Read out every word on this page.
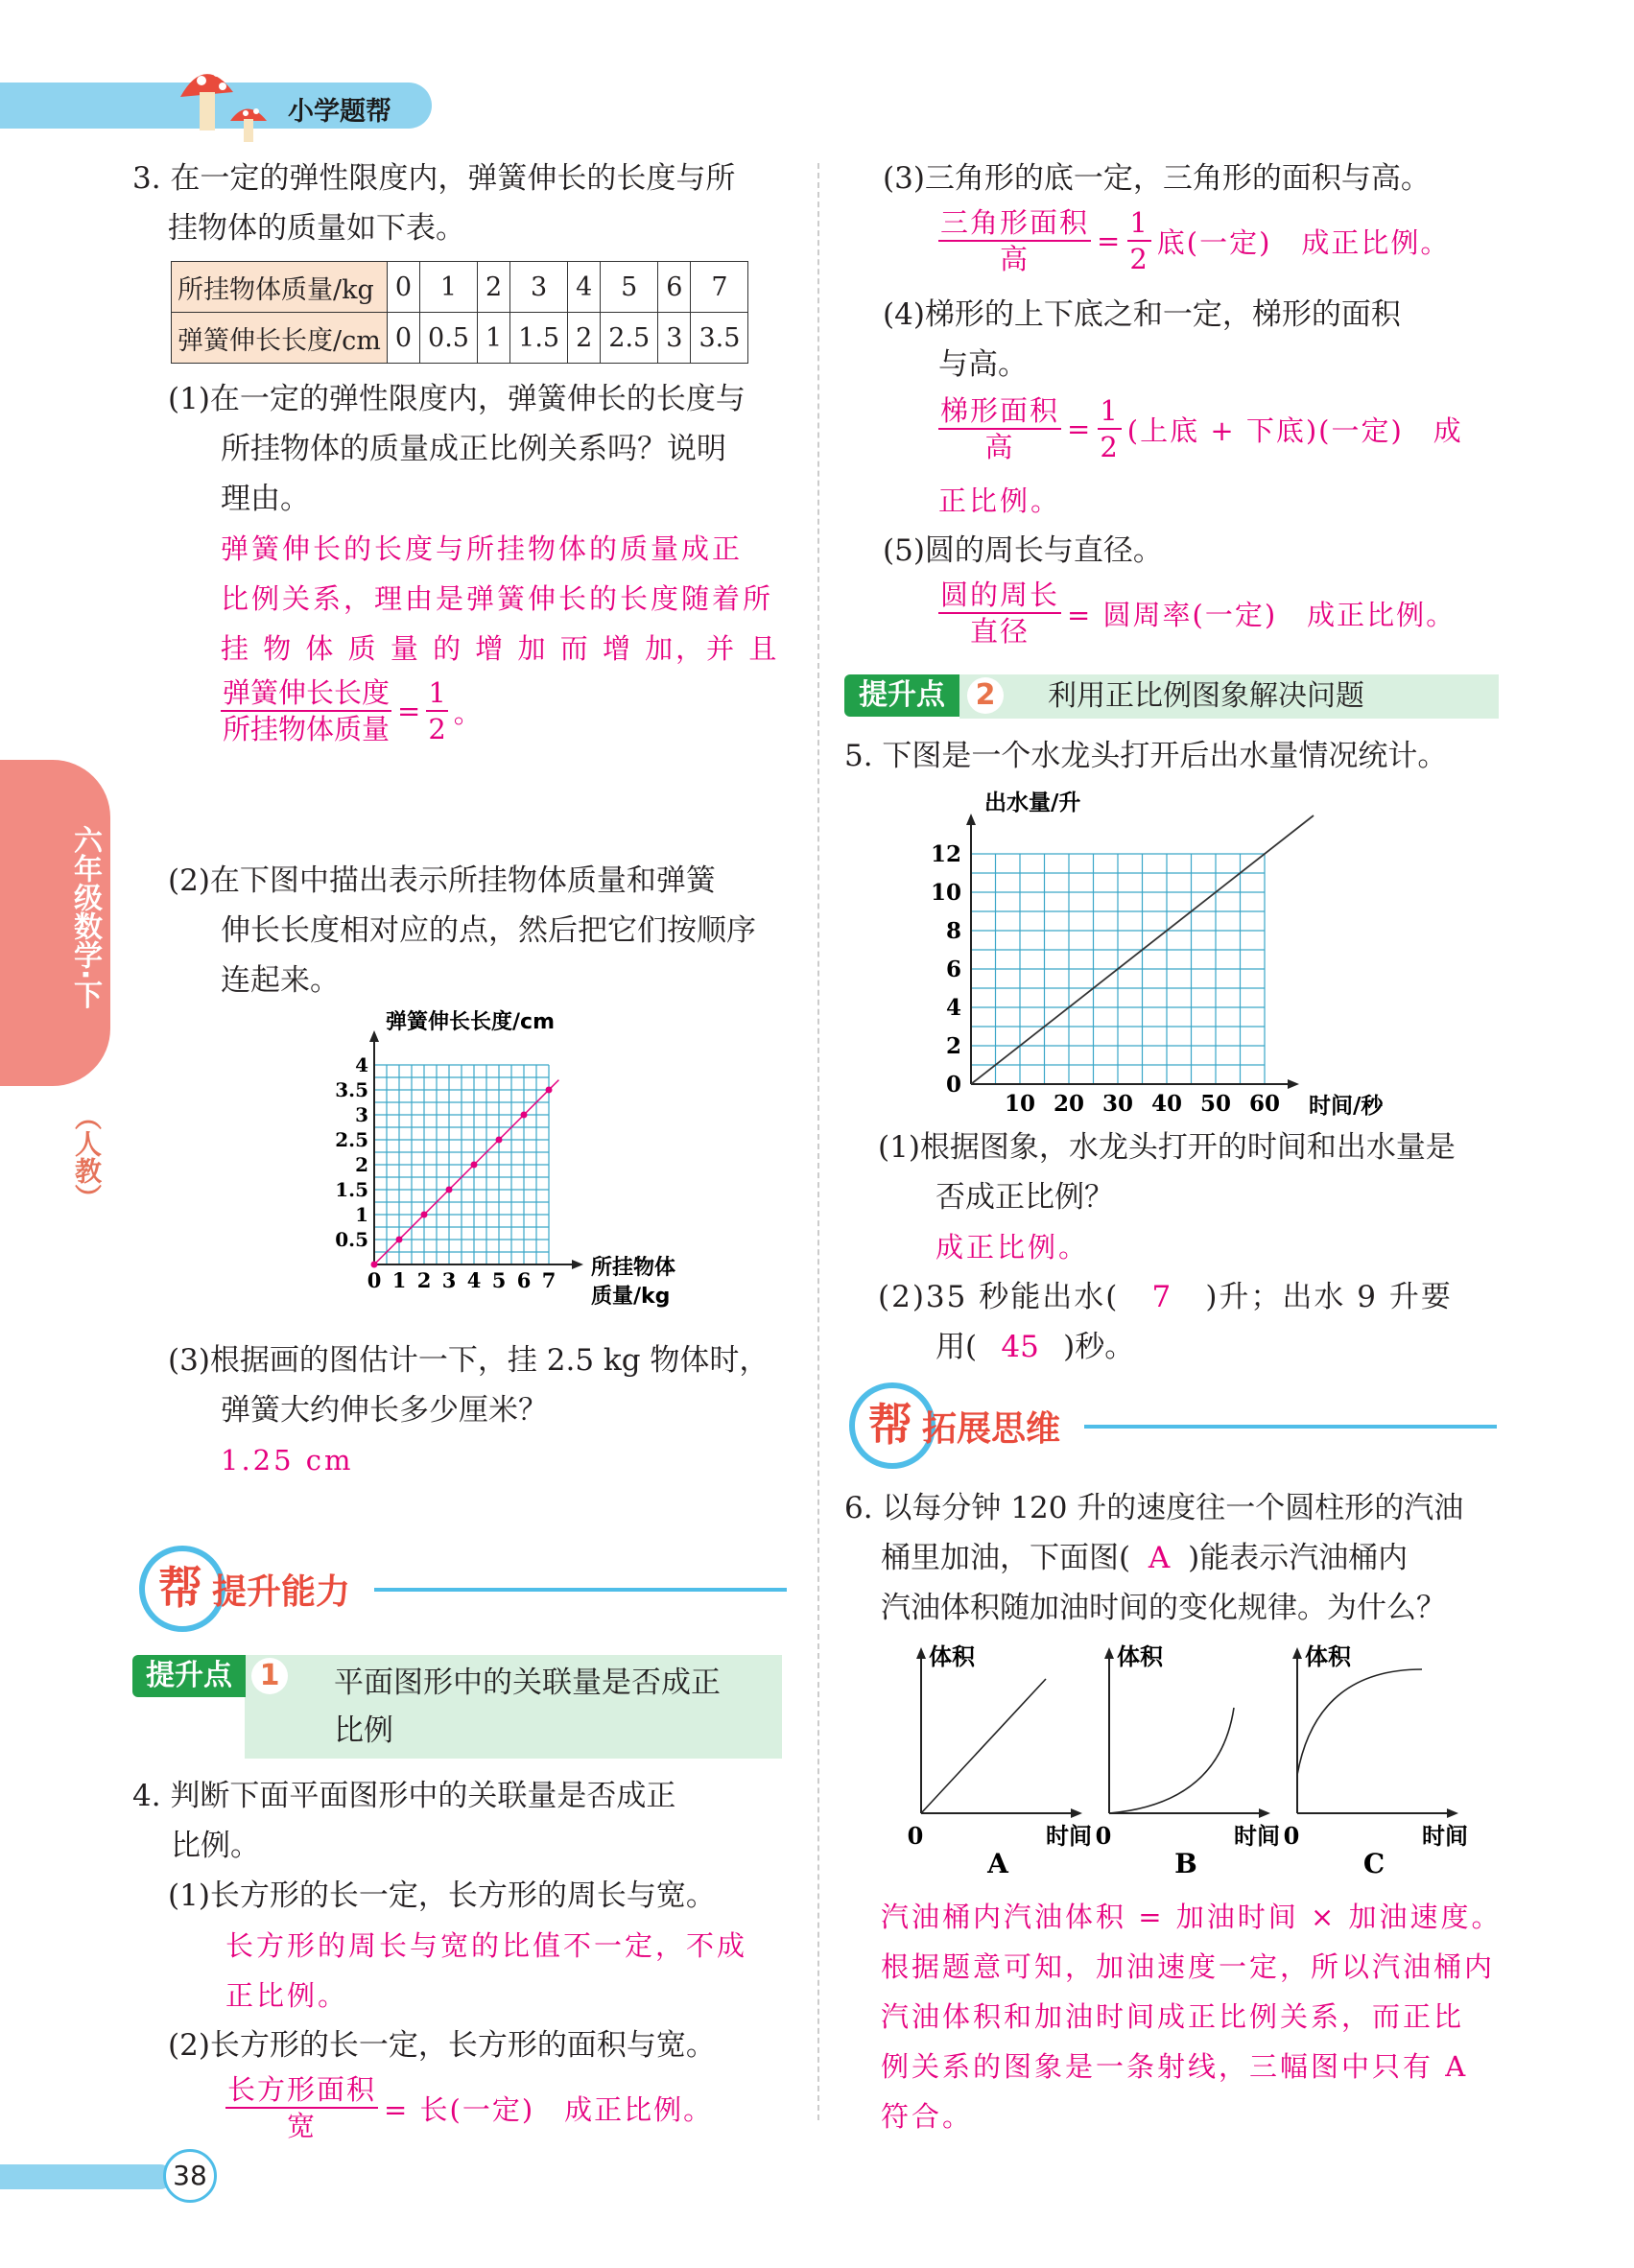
小学题帮
六年级数学·下
（人教）
3. 在一定的弹性限度内，弹簧伸长的长度与所
挂物体的质量如下表。
所挂物体质量/kg	0	1	2	3	4	5	6	7
弹簧伸长长度/cm	0	0.5	1	1.5	2	2.5	3	3.5
(1)在一定的弹性限度内，弹簧伸长的长度与
所挂物体的质量成正比例关系吗？说明
理由。
弹簧伸长的长度与所挂物体的质量成正
比例关系，理由是弹簧伸长的长度随着所
挂 物 体 质 量 的 增 加 而 增 加，并 且
$\frac{\text{弹簧伸长长度}}{\text{所挂物体质量}} = \frac{1}{2}$ 。
(2)在下图中描出表示所挂物体质量和弹簧
伸长长度相对应的点，然后把它们按顺序
连起来。
0 1 2 3 4 5 6 7
0.5
1
1.5
2
2.5
3
3.5
4
弹簧伸长长度/cm
所挂物体
质量/kg
(3)根据画的图估计一下，挂 2.5 kg 物体时，
弹簧大约伸长多少厘米？
1.25 cm
帮 提升能力
提升点 1 平面图形中的关联量是否成正
比例
4. 判断下面平面图形中的关联量是否成正
比例。
(1)长方形的长一定，长方形的周长与宽。
长方形的周长与宽的比值不一定，不成
正比例。
(2)长方形的长一定，长方形的面积与宽。
$\frac{\text{长方形面积}}{\text{宽}}$ = 长(一定)　成正比例。
38
(3)三角形的底一定，三角形的面积与高。
$\frac{\text{三角形面积}}{\text{高}} = \frac{1}{2}$ 底(一定)　成正比例。
(4)梯形的上下底之和一定，梯形的面积
与高。
$\frac{\text{梯形面积}}{\text{高}} = \frac{1}{2}$ (上底 + 下底)(一定)　成
正比例。
(5)圆的周长与直径。
$\frac{\text{圆的周长}}{\text{直径}}$ = 圆周率(一定)　成正比例。
提升点	2 利用正比例图象解决问题
5. 下图是一个水龙头打开后出水量情况统计。
10 20 30 40 50 60
0
2
4
6
8
10
12
出水量/升
时间/秒
(1)根据图象，水龙头打开的时间和出水量是
否成正比例？
成正比例。
(2)35 秒能出水( 7 )升；出水 9 升要
用( 45 )秒。
帮 拓展思维
6. 以每分钟 120 升的速度往一个圆柱形的汽油
桶里加油，下面图( A )能表示汽油桶内
汽油体积随加油时间的变化规律。为什么？
体积
0	时间
A
体积
0	时间
B
体积
0	时间
C
汽油桶内汽油体积 = 加油时间 × 加油速度。
根据题意可知，加油速度一定，所以汽油桶内
汽油体积和加油时间成正比例关系，而正比
例关系的图象是一条射线，三幅图中只有 A
符合。
